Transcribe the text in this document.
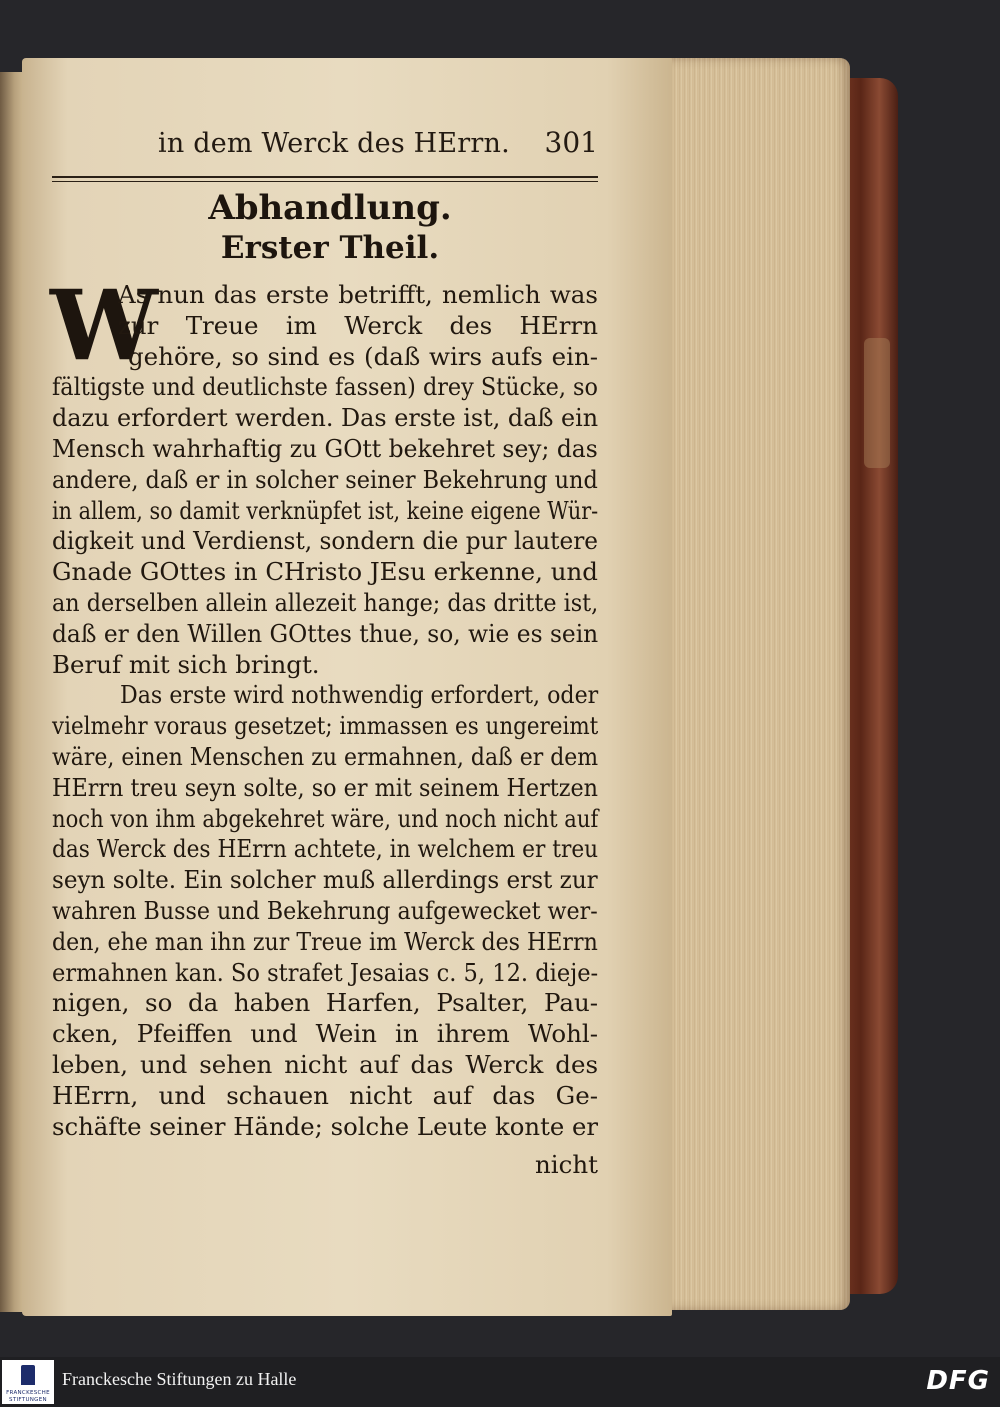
in dem Werck des HErrn. 301
Abhandlung.
Erster Theil.
W
As nun das erste betrifft, nemlich was
zur Treue im Werck des HErrn
gehöre, so sind es (daß wirs aufs ein-
fältigste und deutlichste fassen) drey Stücke, so
dazu erfordert werden. Das erste ist, daß ein
Mensch wahrhaftig zu GOtt bekehret sey; das
andere, daß er in solcher seiner Bekehrung und
in allem, so damit verknüpfet ist, keine eigene Wür-
digkeit und Verdienst, sondern die pur lautere
Gnade GOttes in CHristo JEsu erkenne, und
an derselben allein allezeit hange; das dritte ist,
daß er den Willen GOttes thue, so, wie es sein
Beruf mit sich bringt.
Das erste wird nothwendig erfordert, oder
vielmehr voraus gesetzet; immassen es ungereimt
wäre, einen Menschen zu ermahnen, daß er dem
HErrn treu seyn solte, so er mit seinem Hertzen
noch von ihm abgekehret wäre, und noch nicht auf
das Werck des HErrn achtete, in welchem er treu
seyn solte. Ein solcher muß allerdings erst zur
wahren Busse und Bekehrung aufgewecket wer-
den, ehe man ihn zur Treue im Werck des HErrn
ermahnen kan. So strafet Jesaias c. 5, 12. dieje-
nigen, so da haben Harfen, Psalter, Pau-
cken, Pfeiffen und Wein in ihrem Wohl-
leben, und sehen nicht auf das Werck des
HErrn, und schauen nicht auf das Ge-
schäfte seiner Hände; solche Leute konte er
nicht
FRANCKESCHE
STIFTUNGEN
Franckesche Stiftungen zu Halle	DFG
